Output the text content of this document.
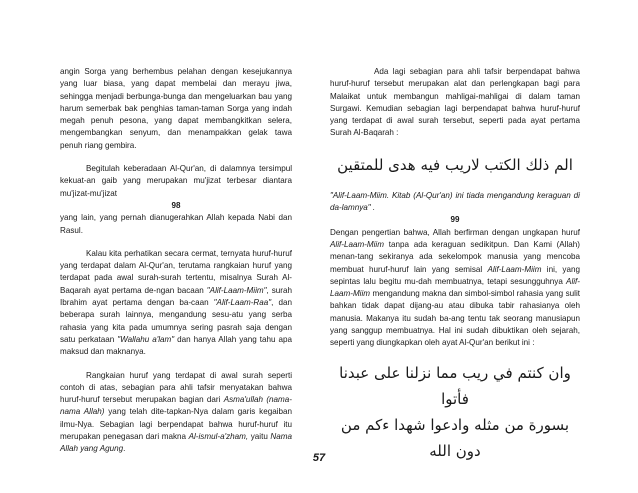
angin Sorga yang berhembus pelahan dengan kesejukannya yang luar biasa, yang dapat membelai dan merayu jiwa, sehingga menjadi berbunga-bunga dan mengeluarkan bau yang harum semerbak bak penghias taman-taman Sorga yang indah megah penuh pesona, yang dapat membangkitkan selera, mengembangkan senyum, dan menampakkan gelak tawa penuh riang gembira.

Begitulah keberadaan Al-Qur'an, di dalamnya tersimpul kekuat-an gaib yang merupakan mu'jizat terbesar diantara mu'jizat-mu'jizat

98

yang lain, yang pernah dianugerahkan Allah kepada Nabi dan Rasul.

Kalau kita perhatikan secara cermat, ternyata huruf-huruf yang terdapat dalam Al-Qur'an, terutama rangkaian huruf yang terdapat pada awal surah-surah tertentu, misalnya Surah Al-Baqarah ayat pertama de-ngan bacaan "Alif-Laam-Miim", surah Ibrahim ayat pertama dengan ba-caan "Alif-Laam-Raa", dan beberapa surah lainnya, mengandung sesu-atu yang serba rahasia yang kita pada umumnya sering pasrah saja dengan satu perkataan "Wallahu a'lam" dan hanya Allah yang tahu apa maksud dan maknanya.

Rangkaian huruf yang terdapat di awal surah seperti contoh di atas, sebagian para ahli tafsir menyatakan bahwa huruf-huruf tersebut merupakan bagian dari Asma'ullah (nama-nama Allah) yang telah dite-tapkan-Nya dalam garis kegaiban ilmu-Nya. Sebagian lagi berpendapat bahwa huruf-huruf itu merupakan penegasan dari makna Al-ismul-a'zham, yaitu Nama Allah yang Agung.

Ada lagi sebagian para ahli tafsir berpendapat bahwa huruf-huruf tersebut merupakan alat dan perlengkapan bagi para Malaikat untuk membangun mahligai-mahligai di dalam taman Surgawi. Kemudian sebagian lagi berpendapat bahwa huruf-huruf yang terdapat di awal surah tersebut, seperti pada ayat pertama Surah Al-Baqarah :

الم ذلك الكتب لاريب فيه هدى للمتقين

"Alif-Laam-Miim. Kitab (Al-Qur'an) ini tiada mengandung keraguan di da-lamnya" .

99

Dengan pengertian bahwa, Allah berfirman dengan ungkapan huruf Alif-Laam-Miim tanpa ada keraguan sedikitpun. Dan Kami (Allah) menan-tang sekiranya ada sekelompok manusia yang mencoba membuat huruf-huruf lain yang semisal Alif-Laam-Miim ini, yang sepintas lalu begitu mu-dah membuatnya, tetapi sesungguhnya Alif-Laam-Miim mengandung makna dan simbol-simbol rahasia yang sulit bahkan tidak dapat dijang-au atau dibuka tabir rahasianya oleh manusia. Makanya itu sudah ba-ang tentu tak seorang manusiapun yang sanggup membuatnya. Hal ini sudah dibuktikan oleh sejarah, seperti yang diungkapkan oleh ayat Al-Qur'an berikut ini :

وان كنتم في ريب مما نزلنا على عبدنا فأتوا
بسورة من مثله وادعوا شهدا ءكم من دون الله
57
